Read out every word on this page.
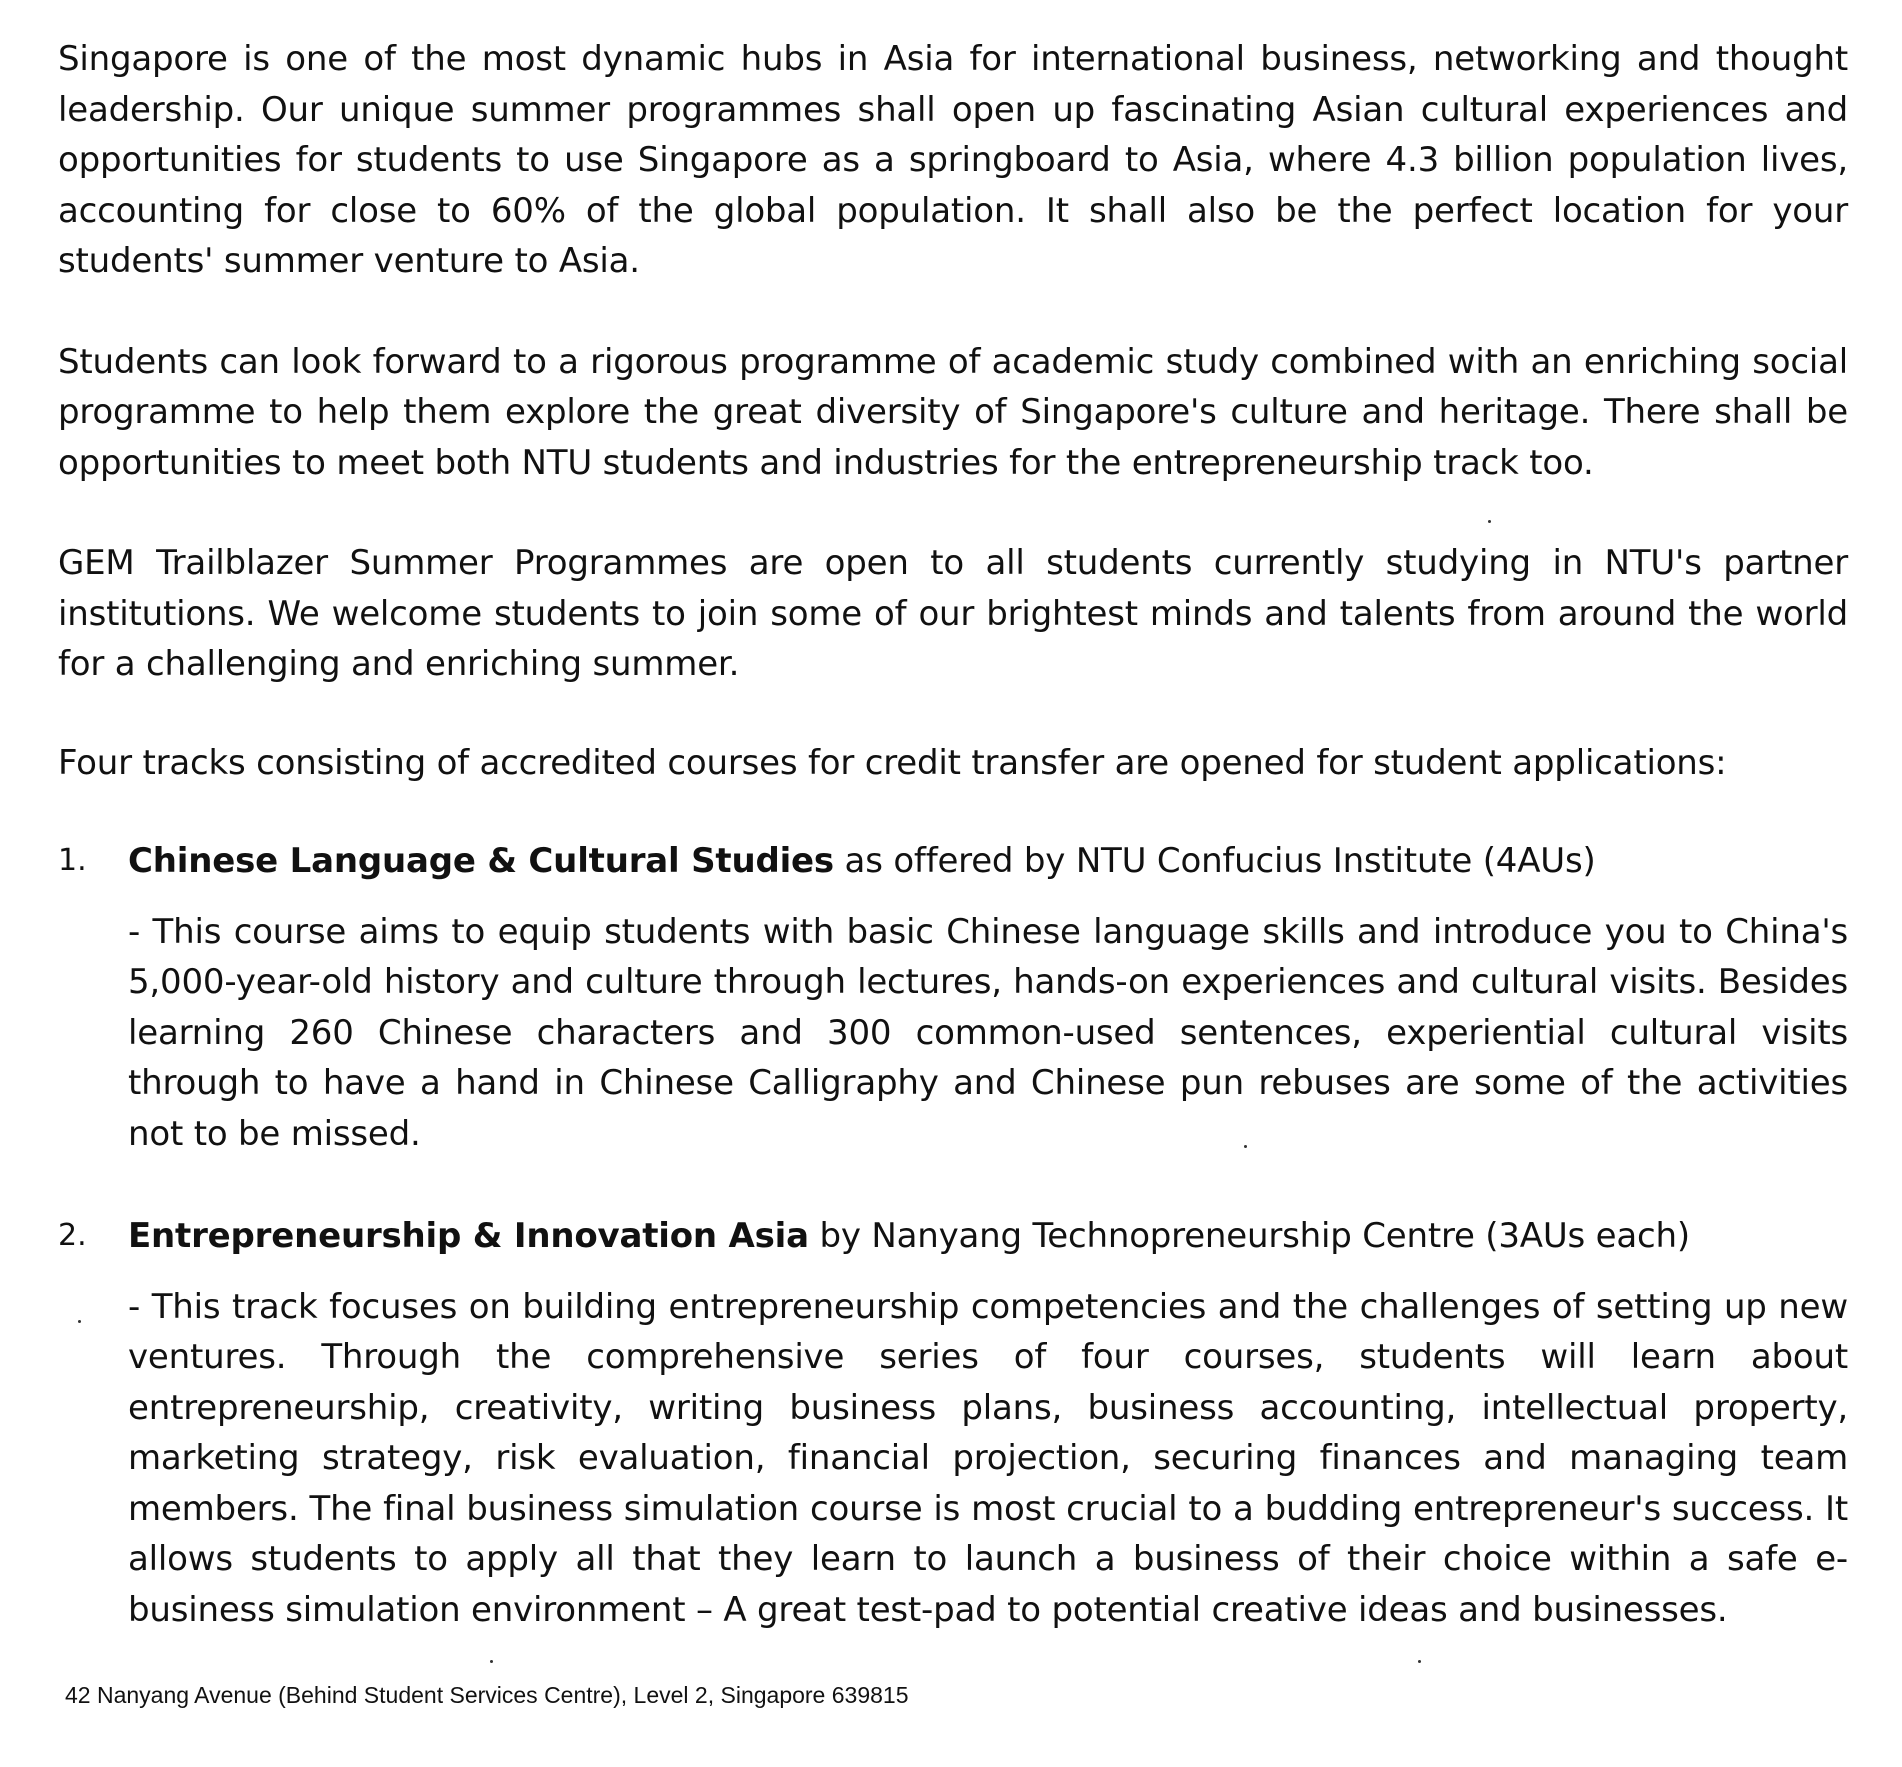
Singapore is one of the most dynamic hubs in Asia for international business, networking and thought leadership. Our unique summer programmes shall open up fascinating Asian cultural experiences and opportunities for students to use Singapore as a springboard to Asia, where 4.3 billion population lives, accounting for close to 60% of the global population. It shall also be the perfect location for your students' summer venture to Asia.

Students can look forward to a rigorous programme of academic study combined with an enriching social programme to help them explore the great diversity of Singapore's culture and heritage. There shall be opportunities to meet both NTU students and industries for the entrepreneurship track too.

GEM Trailblazer Summer Programmes are open to all students currently studying in NTU's partner institutions. We welcome students to join some of our brightest minds and talents from around the world for a challenging and enriching summer.

Four tracks consisting of accredited courses for credit transfer are opened for student applications:

1. Chinese Language & Cultural Studies as offered by NTU Confucius Institute (4AUs)

- This course aims to equip students with basic Chinese language skills and introduce you to China's 5,000-year-old history and culture through lectures, hands-on experiences and cultural visits. Besides learning 260 Chinese characters and 300 common-used sentences, experiential cultural visits through to have a hand in Chinese Calligraphy and Chinese pun rebuses are some of the activities not to be missed.

2. Entrepreneurship & Innovation Asia by Nanyang Technopreneurship Centre (3AUs each)

- This track focuses on building entrepreneurship competencies and the challenges of setting up new ventures. Through the comprehensive series of four courses, students will learn about entrepreneurship, creativity, writing business plans, business accounting, intellectual property, marketing strategy, risk evaluation, financial projection, securing finances and managing team members. The final business simulation course is most crucial to a budding entrepreneur's success. It allows students to apply all that they learn to launch a business of their choice within a safe e-business simulation environment – A great test-pad to potential creative ideas and businesses.

42 Nanyang Avenue (Behind Student Services Centre), Level 2, Singapore 639815
